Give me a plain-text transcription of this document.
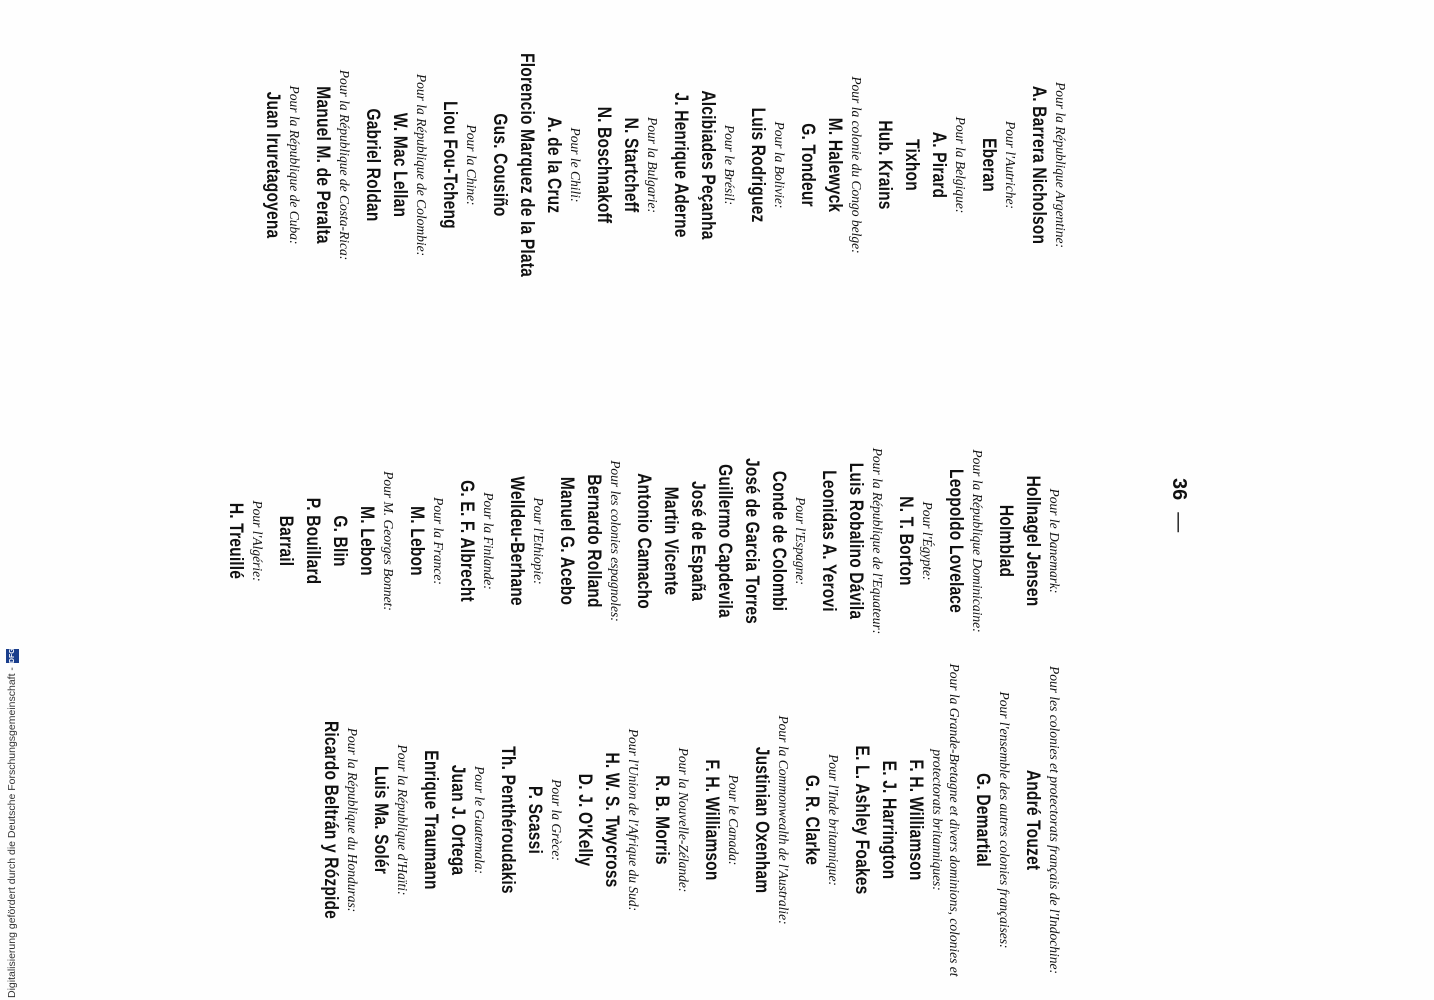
36—
Pour la République Argentine:
A. Barrera Nicholson
Pour l'Autriche:
Eberan
Pour la Belgique:
A. Pirard
Tixhon
Hub. Krains
Pour la colonie du Congo belge:
M. Halewyck
G. Tondeur
Pour la Bolivie:
Luis Rodriguez
Pour le Brésil:
Alcibiades Peçanha
J. Henrique Aderne
Pour la Bulgarie:
N. Startcheff
N. Boschnakoff
Pour le Chili:
A. de la Cruz
Florencio Marquez de la Plata
Gus. Cousiño
Pour la Chine:
Liou Fou-Tcheng
Pour la République de Colombie:
W. Mac Lellan
Gabriel Roldan
Pour la République de Costa-Rica:
Manuel M. de Peralta
Pour la République de Cuba:
Juan Iruretagoyena
Pour le Danemark:
Hollnagel Jensen
Holmblad
Pour la République Dominicaine:
Leopoldo Lovelace
Pour l'Égypte:
N. T. Borton
Pour la République de l'Equateur:
Luis Robalino Dávila
Leonidas A. Yerovi
Pour l'Espagne:
Conde de Colombi
José de Garcia Torres
Guillermo Capdevila
José de España
Martin Vicente
Antonio Camacho
Pour les colonies espagnoles:
Bernardo Rolland
Manuel G. Acebo
Pour l'Ethiopie:
Welldeu-Berhane
Pour la Finlande:
G. E. F. Albrecht
Pour la France:
M. Lebon
Pour M. Georges Bonnet:
M. Lebon
G. Blin
P. Bouillard
Barrail
Pour l'Algérie:
H. Treuillé
Pour les colonies et protectorats français de l'Indochine:
André Touzet
Pour l'ensemble des autres colonies françaises:
G. Demartial
Pour la Grande-Bretagne et divers dominions, colonies et protectorats britanniques:
F. H. Williamson
E. J. Harrington
E. L. Ashley Foakes
Pour l'Inde britannique:
G. R. Clarke
Pour la Commonwealth de l'Australie:
Justinian Oxenham
Pour le Canada:
F. H. Williamson
Pour la Nouvelle-Zélande:
R. B. Morris
Pour l'Union de l'Afrique du Sud:
H. W. S. Twycross
D. J. O'Kelly
Pour la Grèce:
P. Scassi
Th. Penthéroudakis
Pour le Guatemala:
Juan J. Ortega
Enrique Traumann
Pour la République d'Haïti:
Luis Ma. Solér
Pour la République du Honduras:
Ricardo Beltrán y Rózpide
Digitalisierung gefördert durch die Deutsche Forschungsgemeinschaft -
DFG
